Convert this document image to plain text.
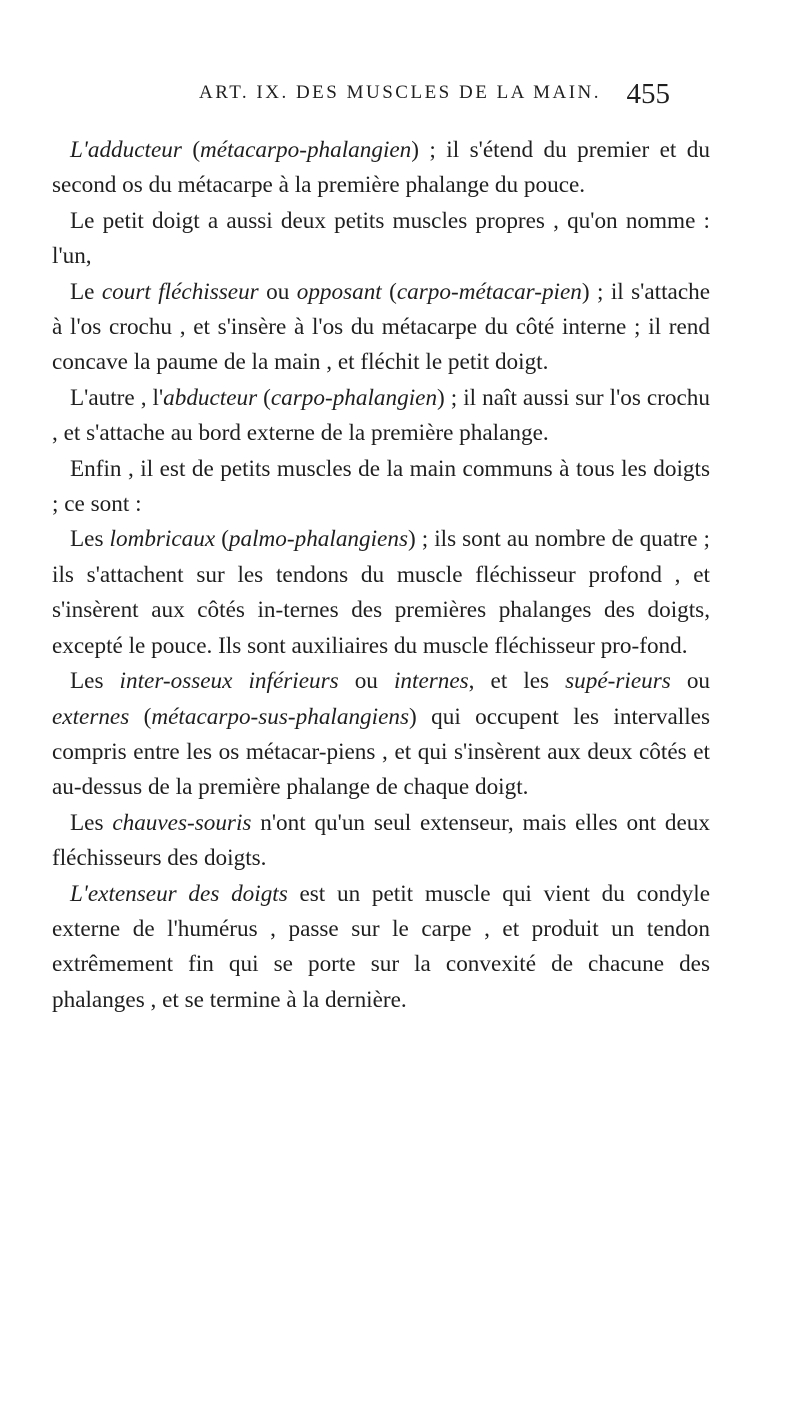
ART. IX. DES MUSCLES DE LA MAIN. 455

L'adducteur (métacarpo-phalangien) ; il s'étend du premier et du second os du métacarpe à la première phalange du pouce.

Le petit doigt a aussi deux petits muscles propres , qu'on nomme : l'un,

Le court fléchisseur ou opposant (carpo-métacar-pien) ; il s'attache à l'os crochu , et s'insère à l'os du métacarpe du côté interne ; il rend concave la paume de la main , et fléchit le petit doigt.

L'autre , l'abducteur (carpo-phalangien) ; il naît aussi sur l'os crochu , et s'attache au bord externe de la première phalange.

Enfin , il est de petits muscles de la main communs à tous les doigts ; ce sont :

Les lombricaux (palmo-phalangiens) ; ils sont au nombre de quatre ; ils s'attachent sur les tendons du muscle fléchisseur profond , et s'insèrent aux côtés in-ternes des premières phalanges des doigts, excepté le pouce. Ils sont auxiliaires du muscle fléchisseur pro-fond.

Les inter-osseux inférieurs ou internes, et les supé-rieurs ou externes (métacarpo-sus-phalangiens) qui occupent les intervalles compris entre les os métacar-piens , et qui s'insèrent aux deux côtés et au-dessus de la première phalange de chaque doigt.

Les chauves-souris n'ont qu'un seul extenseur, mais elles ont deux fléchisseurs des doigts.

L'extenseur des doigts est un petit muscle qui vient du condyle externe de l'humérus , passe sur le carpe , et produit un tendon extrêmement fin qui se porte sur la convexité de chacune des phalanges , et se termine à la dernière.
